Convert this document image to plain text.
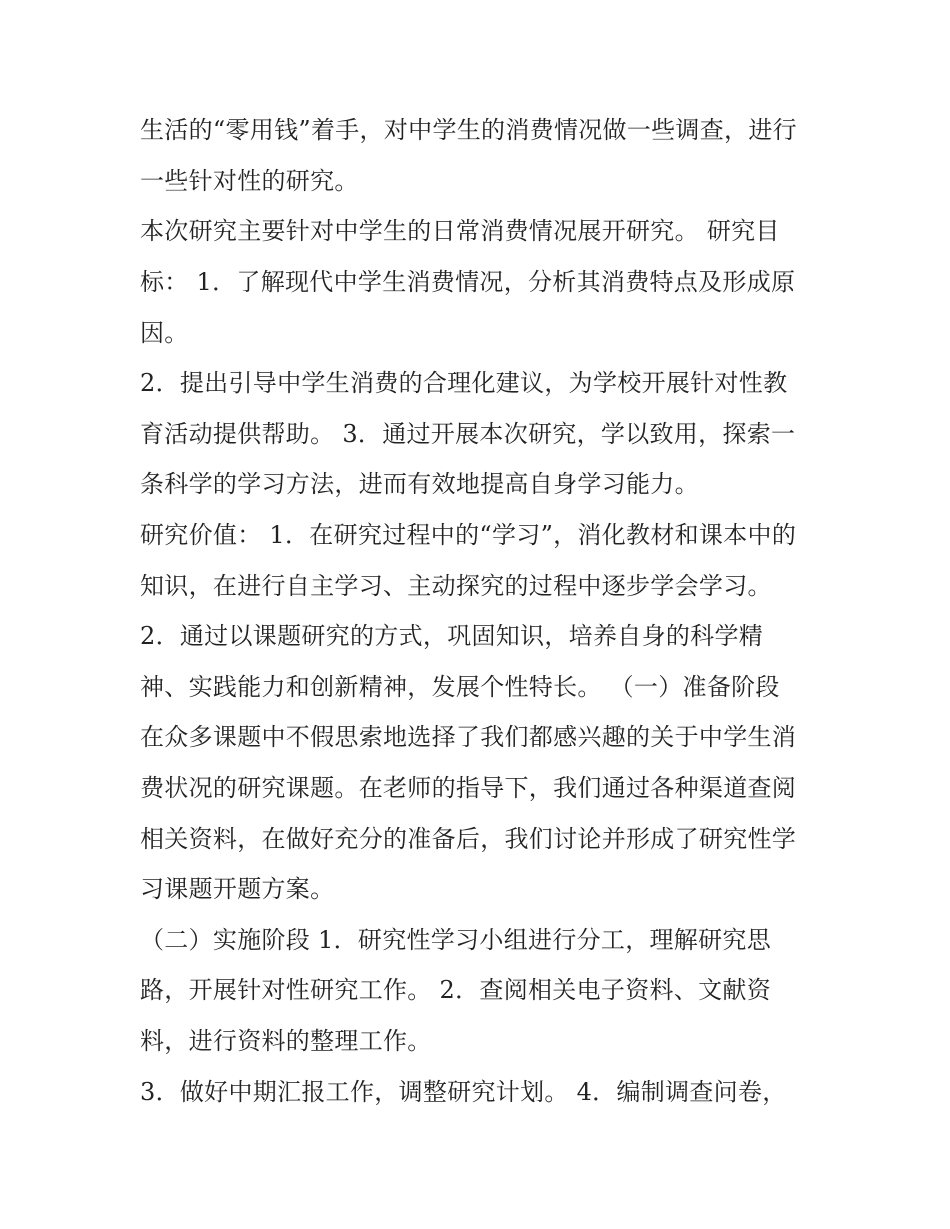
生活的“零用钱”着手，对中学生的消费情况做一些调查，进行
一些针对性的研究。
本次研究主要针对中学生的日常消费情况展开研究。 研究目
标： 1．了解现代中学生消费情况，分析其消费特点及形成原
因。
2．提出引导中学生消费的合理化建议，为学校开展针对性教
育活动提供帮助。 3．通过开展本次研究，学以致用，探索一
条科学的学习方法，进而有效地提高自身学习能力。
研究价值： 1．在研究过程中的“学习”，消化教材和课本中的
知识，在进行自主学习、主动探究的过程中逐步学会学习。
2．通过以课题研究的方式，巩固知识，培养自身的科学精
神、实践能力和创新精神，发展个性特长。 （一）准备阶段
在众多课题中不假思索地选择了我们都感兴趣的关于中学生消
费状况的研究课题。在老师的指导下，我们通过各种渠道查阅
相关资料，在做好充分的准备后，我们讨论并形成了研究性学
习课题开题方案。
（二）实施阶段 1．研究性学习小组进行分工，理解研究思
路，开展针对性研究工作。 2．查阅相关电子资料、文献资
料，进行资料的整理工作。
3．做好中期汇报工作，调整研究计划。 4．编制调查问卷，
